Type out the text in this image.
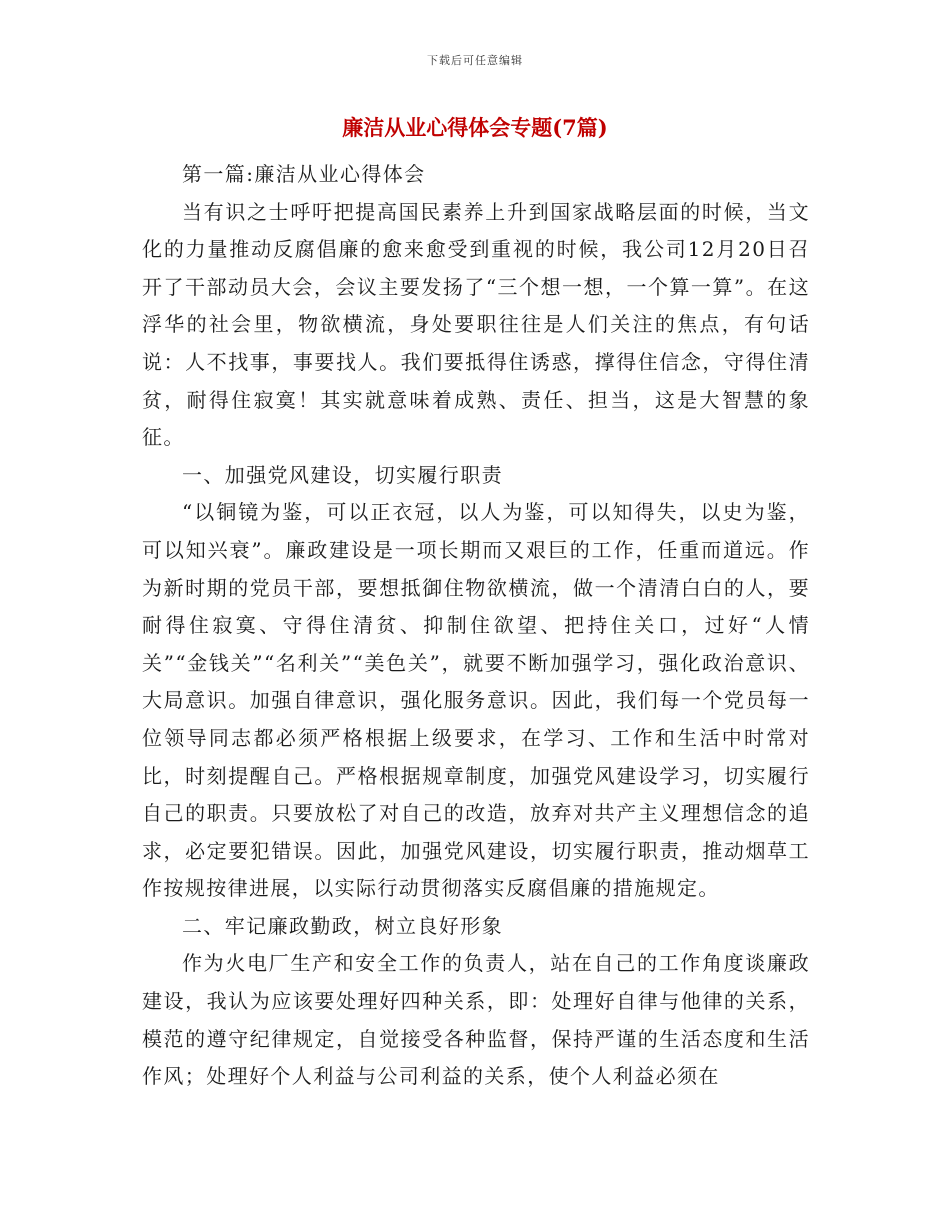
下载后可任意编辑
廉洁从业心得体会专题(7篇)

第一篇:廉洁从业心得体会

当有识之士呼吁把提高国民素养上升到国家战略层面的时候，当文化的力量推动反腐倡廉的愈来愈受到重视的时候，我公司12月20日召开了干部动员大会，会议主要发扬了“三个想一想，一个算一算”。在这浮华的社会里，物欲横流，身处要职往往是人们关注的焦点，有句话说：人不找事，事要找人。我们要抵得住诱惑，撑得住信念，守得住清贫，耐得住寂寞！其实就意味着成熟、责任、担当，这是大智慧的象征。

一、加强党风建设，切实履行职责

“以铜镜为鉴，可以正衣冠，以人为鉴，可以知得失，以史为鉴，可以知兴衰”。廉政建设是一项长期而又艰巨的工作，任重而道远。作为新时期的党员干部，要想抵御住物欲横流，做一个清清白白的人，要耐得住寂寞、守得住清贫、抑制住欲望、把持住关口，过好“人情关”“金钱关”“名利关”“美色关”，就要不断加强学习，强化政治意识、大局意识。加强自律意识，强化服务意识。因此，我们每一个党员每一位领导同志都必须严格根据上级要求，在学习、工作和生活中时常对比，时刻提醒自己。严格根据规章制度，加强党风建设学习，切实履行自己的职责。只要放松了对自己的改造，放弃对共产主义理想信念的追求，必定要犯错误。因此，加强党风建设，切实履行职责，推动烟草工作按规按律进展，以实际行动贯彻落实反腐倡廉的措施规定。

二、牢记廉政勤政，树立良好形象

作为火电厂生产和安全工作的负责人，站在自己的工作角度谈廉政建设，我认为应该要处理好四种关系，即：处理好自律与他律的关系，模范的遵守纪律规定，自觉接受各种监督，保持严谨的生活态度和生活作风；处理好个人利益与公司利益的关系，使个人利益必须在
